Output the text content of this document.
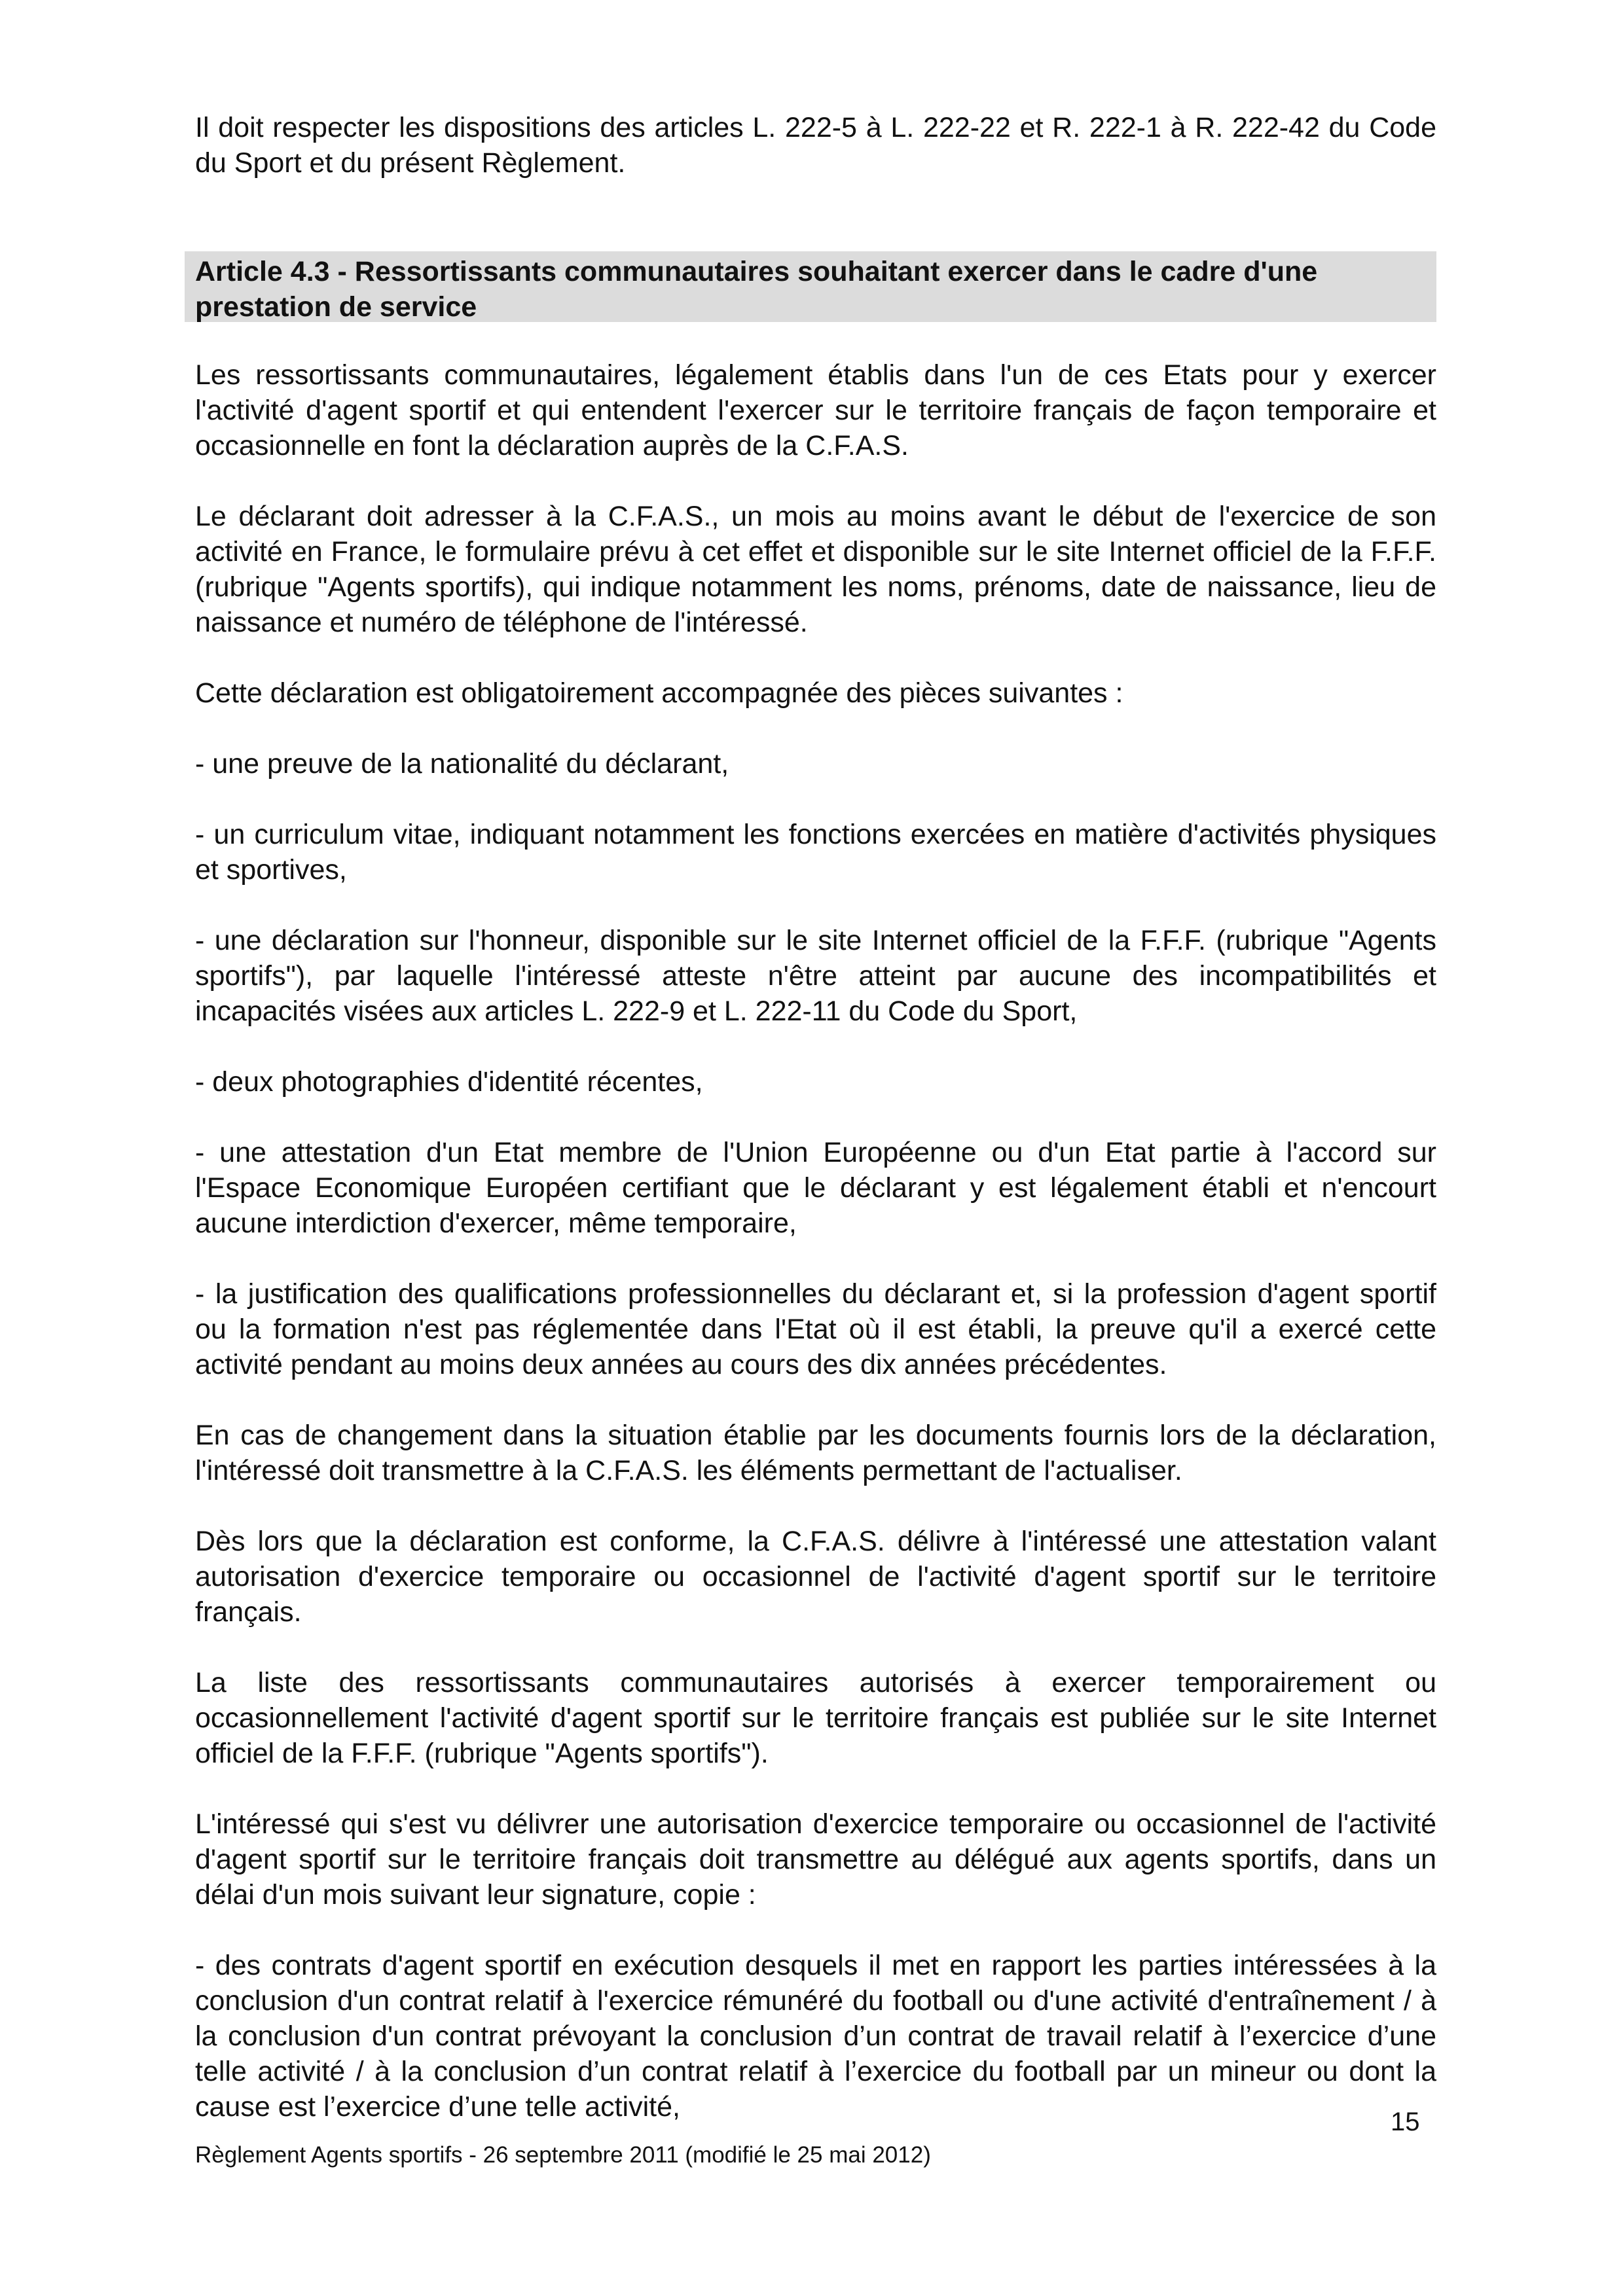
Il doit respecter les dispositions des articles L. 222-5 à L. 222-22 et R. 222-1 à R. 222-42 du Code du Sport et du présent Règlement.

Article 4.3 - Ressortissants communautaires souhaitant exercer dans le cadre d'une prestation de service

Les ressortissants communautaires, légalement établis dans l'un de ces Etats pour y exercer l'activité d'agent sportif et qui entendent l'exercer sur le territoire français de façon temporaire et occasionnelle en font la déclaration auprès de la C.F.A.S.

Le déclarant doit adresser à la C.F.A.S., un mois au moins avant le début de l'exercice de son activité en France, le formulaire prévu à cet effet et disponible sur le site Internet officiel de la F.F.F. (rubrique "Agents sportifs), qui indique notamment les noms, prénoms, date de naissance, lieu de naissance et numéro de téléphone de l'intéressé.

Cette déclaration est obligatoirement accompagnée des pièces suivantes :

- une preuve de la nationalité du déclarant,

- un curriculum vitae, indiquant notamment les fonctions exercées en matière d'activités physiques et sportives,

- une déclaration sur l'honneur, disponible sur le site Internet officiel de la F.F.F. (rubrique "Agents sportifs"), par laquelle l'intéressé atteste n'être atteint par aucune des incompatibilités et incapacités visées aux articles L. 222-9 et L. 222-11 du Code du Sport,

- deux photographies d'identité récentes,

- une attestation d'un Etat membre de l'Union Européenne ou d'un Etat partie à l'accord sur l'Espace Economique Européen certifiant que le déclarant y est légalement établi et n'encourt aucune interdiction d'exercer, même temporaire,

- la justification des qualifications professionnelles du déclarant et, si la profession d'agent sportif ou la formation n'est pas réglementée dans l'Etat où il est établi, la preuve qu'il a exercé cette activité pendant au moins deux années au cours des dix années précédentes.

En cas de changement dans la situation établie par les documents fournis lors de la déclaration, l'intéressé doit transmettre à la C.F.A.S. les éléments permettant de l'actualiser.

Dès lors que la déclaration est conforme, la C.F.A.S. délivre à l'intéressé une attestation valant autorisation d'exercice temporaire ou occasionnel de l'activité d'agent sportif sur le territoire français.

La liste des ressortissants communautaires autorisés à exercer temporairement ou occasionnellement l'activité d'agent sportif sur le territoire français est publiée sur le site Internet officiel de la F.F.F. (rubrique "Agents sportifs").

L'intéressé qui s'est vu délivrer une autorisation d'exercice temporaire ou occasionnel de l'activité d'agent sportif sur le territoire français doit transmettre au délégué aux agents sportifs, dans un délai d'un mois suivant leur signature, copie :

- des contrats d'agent sportif en exécution desquels il met en rapport les parties intéressées à la conclusion d'un contrat relatif à l'exercice rémunéré du football ou d'une activité d'entraînement / à la conclusion d'un contrat prévoyant la conclusion d’un contrat de travail relatif à l’exercice d’une telle activité / à la conclusion d’un contrat relatif à l’exercice du football par un mineur ou dont la cause est l’exercice d’une telle activité,	15
Règlement Agents sportifs - 26 septembre 2011 (modifié le 25 mai 2012)
